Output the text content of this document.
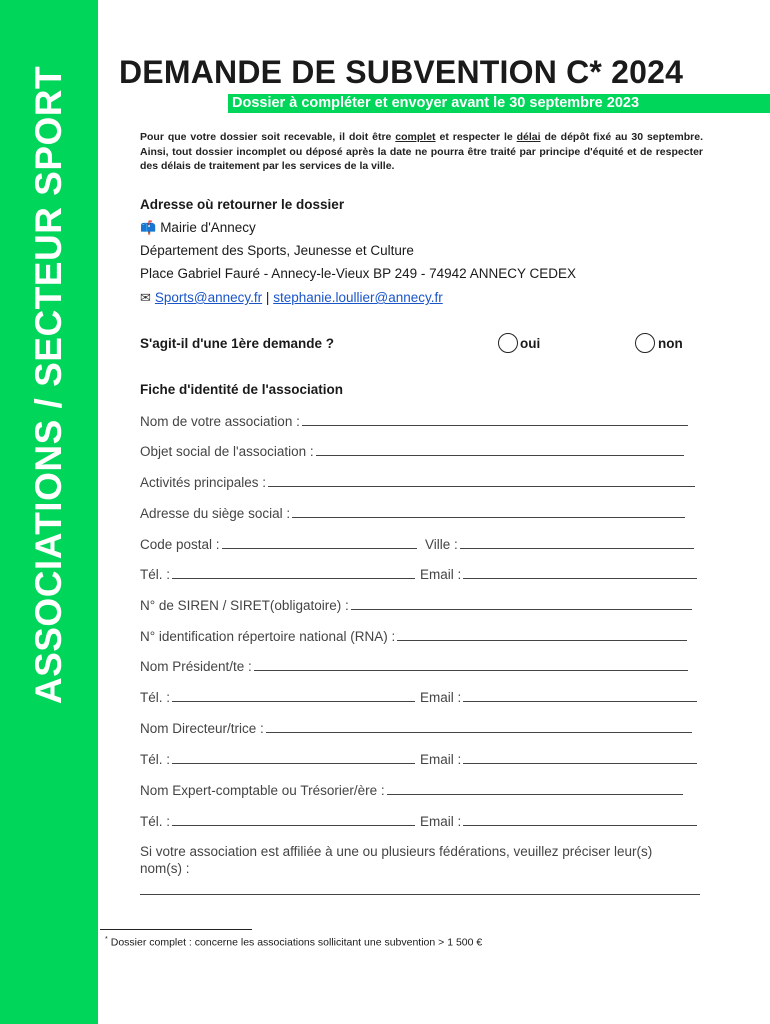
ASSOCIATIONS / SECTEUR SPORT DEMANDE DE SUBVENTION C* 2024
Dossier à compléter et envoyer avant le 30 septembre 2023
Pour que votre dossier soit recevable, il doit être complet et respecter le délai de dépôt fixé au 30 septembre. Ainsi, tout dossier incomplet ou déposé après la date ne pourra être traité par principe d'équité et de respecter des délais de traitement par les services de la ville.
Adresse où retourner le dossier
📫 Mairie d'Annecy
Département des Sports, Jeunesse et Culture
Place Gabriel Fauré - Annecy-le-Vieux BP 249 - 74942 ANNECY CEDEX
✉ Sports@annecy.fr | stephanie.loullier@annecy.fr
S'agit-il d'une 1ère demande ?	oui	non
Fiche d'identité de l'association
Nom de votre association :
Objet social de l'association :
Activités principales :
Adresse du siège social :
Code postal :	Ville :
Tél. :	Email :
N° de SIREN / SIRET(obligatoire) :
N° identification répertoire national (RNA) :
Nom Président/te :
Tél. :	Email :
Nom Directeur/trice :
Tél. :	Email :
Nom Expert-comptable ou Trésorier/ère :
Tél. :	Email :
Si votre association est affiliée à une ou plusieurs fédérations, veuillez préciser leur(s)
nom(s) :
* Dossier complet : concerne les associations sollicitant une subvention > 1 500 €
